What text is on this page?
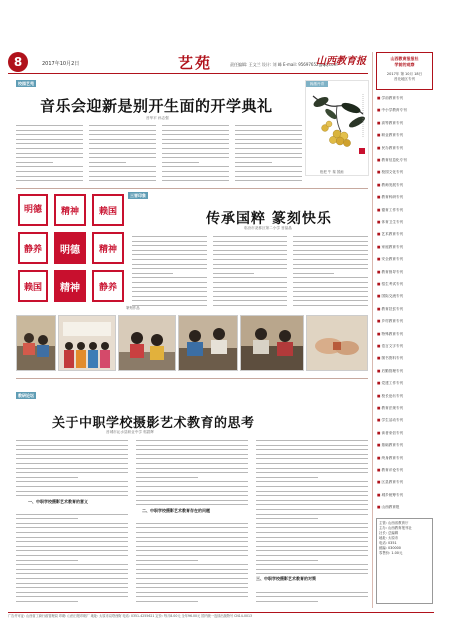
8	2017年10月2日	艺苑	责任编辑: 王文兰 设计: 刘 峰 E-mail: 95697652@qq.com
山西教育报	山西教育报报社
学前的观察
2017年 第 10月 18日
晋北地区专刊
■ 学前教育专刊
■ 中小学教育专刊
■ 高等教育专刊
■ 职业教育专刊
■ 民办教育专刊
■ 教育信息化专刊
■ 校园文化专刊
■ 教师发展专刊
■ 教育科研专刊
■ 德育工作专刊
■ 体育卫生专刊
■ 艺术教育专刊
■ 家庭教育专刊
■ 安全教育专刊
■ 教育督导专刊
■ 招生考试专刊
■ 国际交流专刊
■ 教育扶贫专刊
■ 乡村教育专刊
■ 特殊教育专刊
■ 语言文字专刊
■ 图书资料专刊
■ 后勤管理专刊
■ 党建工作专刊
■ 校长论坛专刊
■ 教育法规专刊
■ 学生活动专刊
■ 读者来信专刊
■ 基础教育专刊
■ 终身教育专刊
■ 教育评论专刊
■ 区县教育专刊
■ 城乡统筹专刊
■ 山西教育报
主管: 山西省教育厅
主办: 山西教育报刊社
社长: 总编辑
地址: 太原市
电话: 0351
邮编: 030000
零售价: 1.00元
校园艺苑
音乐会迎新是别开生面的开学典礼
晋华平 孙志强
翰墨丹青
枇杷 牛 秦 国画
三晋印象
明德	精神	赖国
静养	明德	精神
赖国	精神	静养
篆刻作品
传承国粹 篆刻快乐
临汾市尧都区第二小学 晋晶晶
教研论坛
关于中职学校摄影艺术教育的思考
晋城市沁水县职业中学 郭碧辉
一、中职学校摄影艺术教育的意义
二、中职学校摄影艺术教育存在的问题
三、中职学校摄影艺术教育的对策
广告许可证: 山西省工商行政管理局 印刷: 山西日报印刷厂 地址: 太原市双塔西街 电话: 0351-4255621 定价: 每月8.00元 全年96.00元 国内统一连续出版物号 CN14-0013
